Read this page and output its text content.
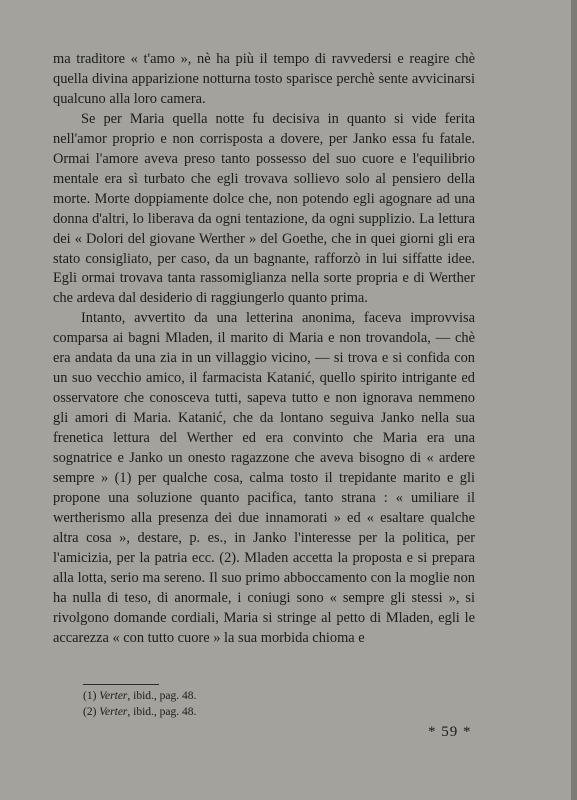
ma traditore « t'amo », nè ha più il tempo di ravvedersi e reagire chè quella divina apparizione notturna tosto sparisce perchè sente avvicinarsi qualcuno alla loro camera.

Se per Maria quella notte fu decisiva in quanto si vide ferita nell'amor proprio e non corrisposta a dovere, per Janko essa fu fatale. Ormai l'amore aveva preso tanto possesso del suo cuore e l'equilibrio mentale era sì turbato che egli trovava sollievo solo al pensiero della morte. Morte doppiamente dolce che, non potendo egli agognare ad una donna d'altri, lo liberava da ogni tentazione, da ogni supplizio. La lettura dei « Dolori del giovane Werther » del Goethe, che in quei giorni gli era stato consigliato, per caso, da un bagnante, rafforzò in lui siffatte idee. Egli ormai trovava tanta rassomiglianza nella sorte propria e di Werther che ardeva dal desiderio di raggiungerlo quanto prima.

Intanto, avvertito da una letterina anonima, faceva improvvisa comparsa ai bagni Mladen, il marito di Maria e non trovandola, — chè era andata da una zia in un villaggio vicino, — si trova e si confida con un suo vecchio amico, il farmacista Katanić, quello spirito intrigante ed osservatore che conosceva tutti, sapeva tutto e non ignorava nemmeno gli amori di Maria. Katanić, che da lontano seguiva Janko nella sua frenetica lettura del Werther ed era convinto che Maria era una sognatrice e Janko un onesto ragazzone che aveva bisogno di « ardere sempre » (1) per qualche cosa, calma tosto il trepidante marito e gli propone una soluzione quanto pacifica, tanto strana : « umiliare il wertherismo alla presenza dei due innamorati » ed « esaltare qualche altra cosa », destare, p. es., in Janko l'interesse per la politica, per l'amicizia, per la patria ecc. (2). Mladen accetta la proposta e si prepara alla lotta, serio ma sereno. Il suo primo abboccamento con la moglie non ha nulla di teso, di anormale, i coniugi sono « sempre gli stessi », si rivolgono domande cordiali, Maria si stringe al petto di Mladen, egli le accarezza « con tutto cuore » la sua morbida chioma e

(1) Verter, ibid., pag. 48.
(2) Verter, ibid., pag. 48.
* 59 *
